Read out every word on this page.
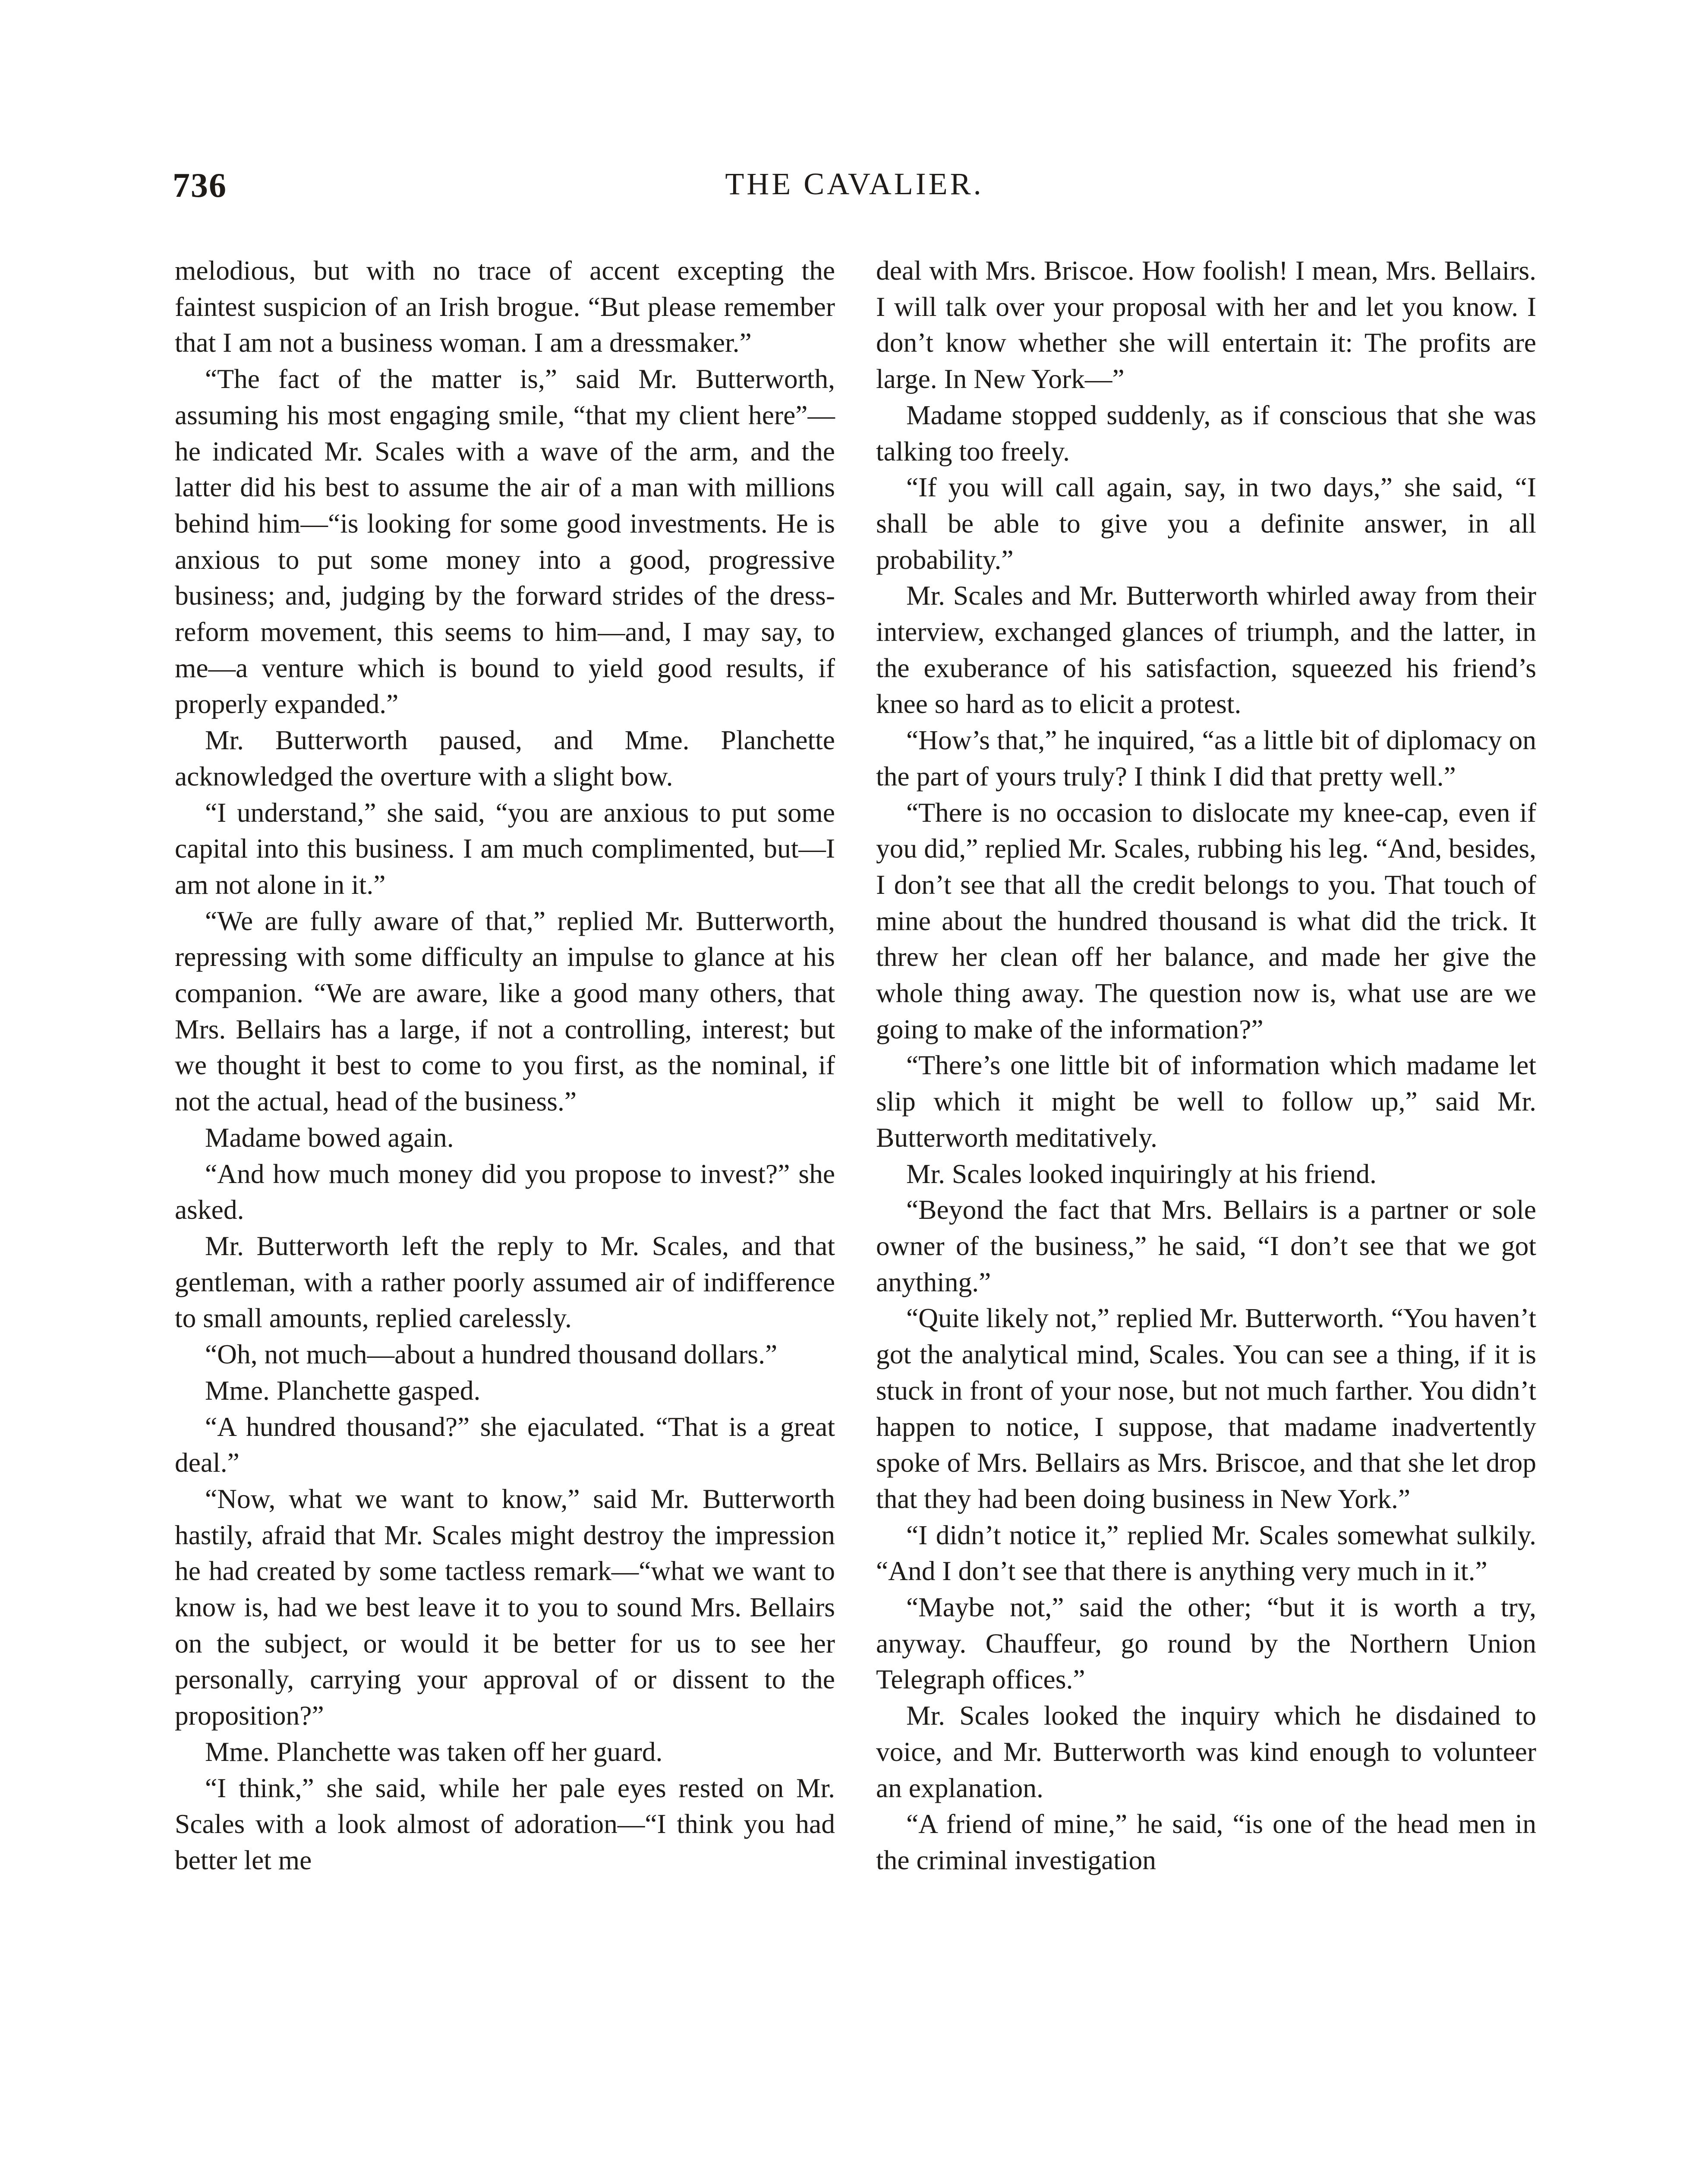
736	THE CAVALIER.

melodious, but with no trace of accent excepting the faintest suspicion of an Irish brogue. “But please remember that I am not a business woman. I am a dressmaker.”

“The fact of the matter is,” said Mr. Butterworth, assuming his most engaging smile, “that my client here”—he indicated Mr. Scales with a wave of the arm, and the latter did his best to assume the air of a man with millions behind him—“is looking for some good investments. He is anxious to put some money into a good, progressive business; and, judging by the forward strides of the dress-reform movement, this seems to him—and, I may say, to me—a venture which is bound to yield good results, if properly expanded.”

Mr. Butterworth paused, and Mme. Planchette acknowledged the overture with a slight bow.

“I understand,” she said, “you are anxious to put some capital into this business. I am much complimented, but—I am not alone in it.”

“We are fully aware of that,” replied Mr. Butterworth, repressing with some difficulty an impulse to glance at his companion. “We are aware, like a good many others, that Mrs. Bellairs has a large, if not a controlling, interest; but we thought it best to come to you first, as the nominal, if not the actual, head of the business.”

Madame bowed again.

“And how much money did you propose to invest?” she asked.

Mr. Butterworth left the reply to Mr. Scales, and that gentleman, with a rather poorly assumed air of indifference to small amounts, replied carelessly.

“Oh, not much—about a hundred thousand dollars.”

Mme. Planchette gasped.

“A hundred thousand?” she ejaculated. “That is a great deal.”

“Now, what we want to know,” said Mr. Butterworth hastily, afraid that Mr. Scales might destroy the impression he had created by some tactless remark—“what we want to know is, had we best leave it to you to sound Mrs. Bellairs on the subject, or would it be better for us to see her personally, carrying your approval of or dissent to the proposition?”

Mme. Planchette was taken off her guard.

“I think,” she said, while her pale eyes rested on Mr. Scales with a look almost of adoration—“I think you had better let me

deal with Mrs. Briscoe. How foolish! I mean, Mrs. Bellairs. I will talk over your proposal with her and let you know. I don’t know whether she will entertain it: The profits are large. In New York—”

Madame stopped suddenly, as if conscious that she was talking too freely.

“If you will call again, say, in two days,” she said, “I shall be able to give you a definite answer, in all probability.”

Mr. Scales and Mr. Butterworth whirled away from their interview, exchanged glances of triumph, and the latter, in the exuberance of his satisfaction, squeezed his friend’s knee so hard as to elicit a protest.

“How’s that,” he inquired, “as a little bit of diplomacy on the part of yours truly? I think I did that pretty well.”

“There is no occasion to dislocate my knee-cap, even if you did,” replied Mr. Scales, rubbing his leg. “And, besides, I don’t see that all the credit belongs to you. That touch of mine about the hundred thousand is what did the trick. It threw her clean off her balance, and made her give the whole thing away. The question now is, what use are we going to make of the information?”

“There’s one little bit of information which madame let slip which it might be well to follow up,” said Mr. Butterworth meditatively.

Mr. Scales looked inquiringly at his friend.

“Beyond the fact that Mrs. Bellairs is a partner or sole owner of the business,” he said, “I don’t see that we got anything.”

“Quite likely not,” replied Mr. Butterworth. “You haven’t got the analytical mind, Scales. You can see a thing, if it is stuck in front of your nose, but not much farther. You didn’t happen to notice, I suppose, that madame inadvertently spoke of Mrs. Bellairs as Mrs. Briscoe, and that she let drop that they had been doing business in New York.”

“I didn’t notice it,” replied Mr. Scales somewhat sulkily. “And I don’t see that there is anything very much in it.”

“Maybe not,” said the other; “but it is worth a try, anyway. Chauffeur, go round by the Northern Union Telegraph offices.”

Mr. Scales looked the inquiry which he disdained to voice, and Mr. Butterworth was kind enough to volunteer an explanation.

“A friend of mine,” he said, “is one of the head men in the criminal investigation
